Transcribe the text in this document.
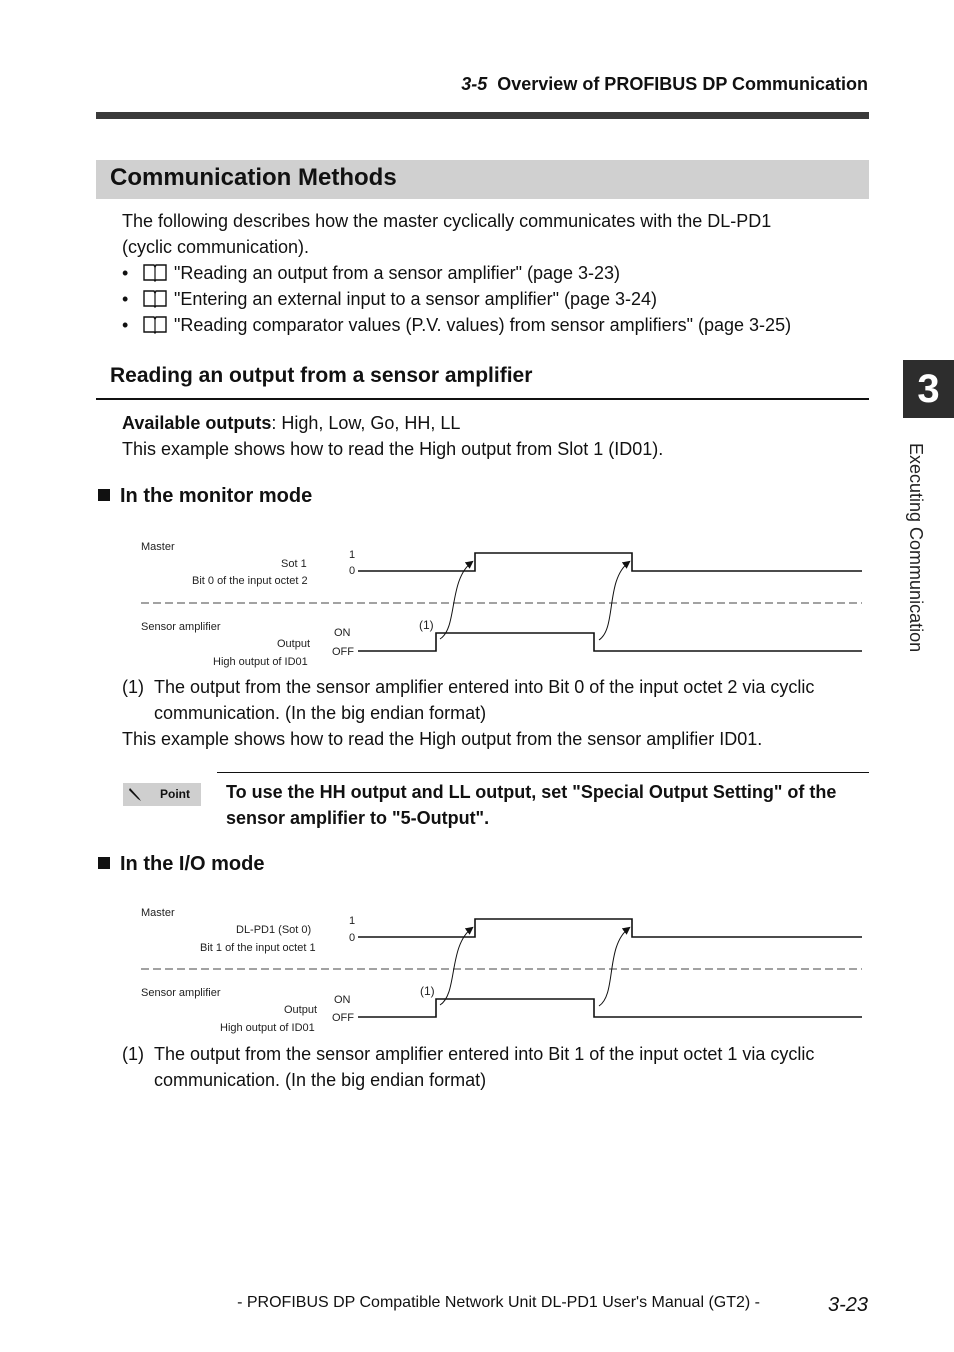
3-5 Overview of PROFIBUS DP Communication
Communication Methods
The following describes how the master cyclically communicates with the DL-PD1
(cyclic communication).
•	"Reading an output from a sensor amplifier" (page 3-23)
•	"Entering an external input to a sensor amplifier" (page 3-24)
•	"Reading comparator values (P.V. values) from sensor amplifiers" (page 3-25)
Reading an output from a sensor amplifier
Available outputs: High, Low, Go, HH, LL
This example shows how to read the High output from Slot 1 (ID01).
In the monitor mode
Master
Sot 1
Bit 0 of the input octet 2
1
0
Sensor amplifier
Output
High output of ID01
ON
OFF
(1)
(1) The output from the sensor amplifier entered into Bit 0 of the input octet 2 via cyclic
communication. (In the big endian format)
This example shows how to read the High output from the sensor amplifier ID01.
Point To use the HH output and LL output, set "Special Output Setting" of the sensor amplifier to "5-Output".
In the I/O mode
Master
DL-PD1 (Sot 0)
Bit 1 of the input octet 1
1
0
Sensor amplifier
Output
High output of ID01
ON
OFF
(1)
(1) The output from the sensor amplifier entered into Bit 1 of the input octet 1 via cyclic
communication. (In the big endian format)
3
Executing Communication
- PROFIBUS DP Compatible Network Unit DL-PD1 User's Manual (GT2) -	3-23
